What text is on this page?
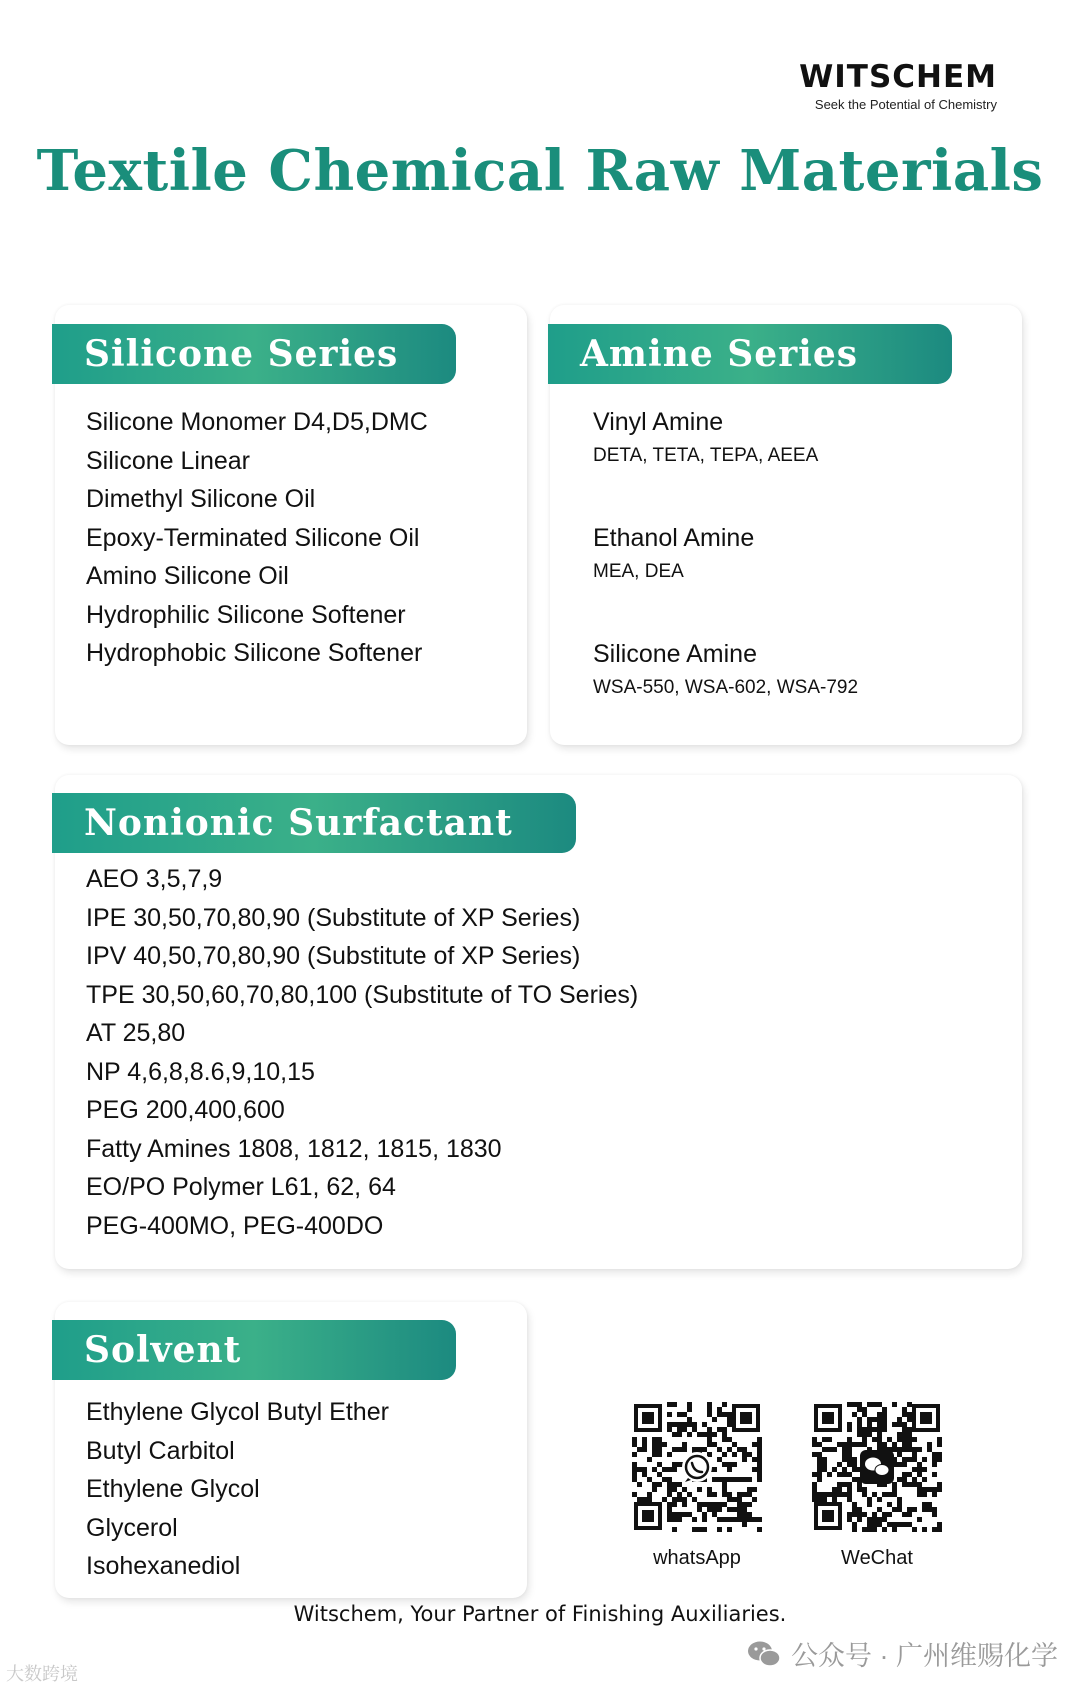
WITSCHEM
Seek the Potential of Chemistry
Textile Chemical Raw Materials
Silicone Series
Silicone Monomer D4,D5,DMC
Silicone Linear
Dimethyl Silicone Oil
Epoxy-Terminated Silicone Oil
Amino Silicone Oil
Hydrophilic Silicone Softener
Hydrophobic Silicone Softener
Amine Series
Vinyl Amine
DETA, TETA, TEPA, AEEA
Ethanol Amine
MEA, DEA
Silicone Amine
WSA-550, WSA-602, WSA-792
Nonionic Surfactant
AEO 3,5,7,9
IPE 30,50,70,80,90 (Substitute of XP Series)
IPV 40,50,70,80,90 (Substitute of XP Series)
TPE 30,50,60,70,80,100 (Substitute of TO Series)
AT 25,80
NP 4,6,8,8.6,9,10,15
PEG 200,400,600
Fatty Amines 1808, 1812, 1815, 1830
EO/PO Polymer L61, 62, 64
PEG-400MO, PEG-400DO
Solvent
Ethylene Glycol Butyl Ether
Butyl Carbitol
Ethylene Glycol
Glycerol
Isohexanediol	whatsApp	WeChat
Witschem, Your Partner of Finishing Auxiliaries.
大数跨境
公众号 · 广州维赐化学
